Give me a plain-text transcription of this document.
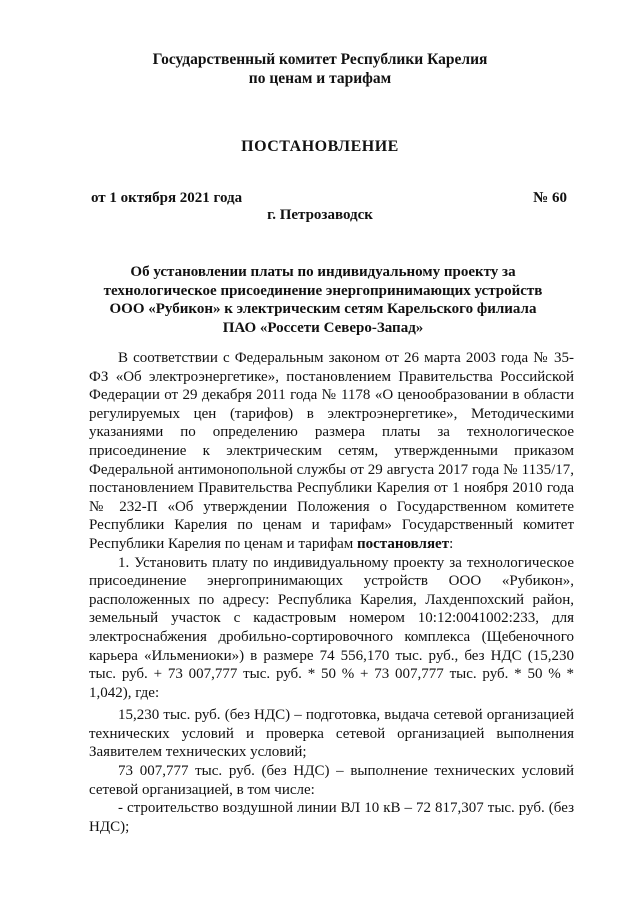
Государственный комитет Республики Карелия
по ценам и тарифам
ПОСТАНОВЛЕНИЕ
от 1 октября 2021 года	№ 60
г. Петрозаводск
Об установлении платы по индивидуальному проекту за
технологическое присоединение энергопринимающих устройств
ООО «Рубикон» к электрическим сетям Карельского филиала
ПАО «Россети Северо-Запад»

В соответствии с Федеральным законом от 26 марта 2003 года № 35-ФЗ «Об электроэнергетике», постановлением Правительства Российской Федерации от 29 декабря 2011 года № 1178 «О ценообразовании в области регулируемых цен (тарифов) в электроэнергетике», Методическими указаниями по определению размера платы за технологическое присоединение к электрическим сетям, утвержденными приказом Федеральной антимонопольной службы от 29 августа 2017 года № 1135/17, постановлением Правительства Республики Карелия от 1 ноября 2010 года № 232-П «Об утверждении Положения о Государственном комитете Республики Карелия по ценам и тарифам» Государственный комитет Республики Карелия по ценам и тарифам постановляет:

1. Установить плату по индивидуальному проекту за технологическое присоединение энергопринимающих устройств ООО «Рубикон», расположенных по адресу: Республика Карелия, Лахденпохский район, земельный участок с кадастровым номером 10:12:0041002:233, для электроснабжения дробильно-сортировочного комплекса (Щебеночного карьера «Ильмениоки») в размере 74 556,170 тыс. руб., без НДС (15,230 тыс. руб. + 73 007,777 тыс. руб. * 50 % + 73 007,777 тыс. руб. * 50 % * 1,042), где:

15,230 тыс. руб. (без НДС) – подготовка, выдача сетевой организацией технических условий и проверка сетевой организацией выполнения Заявителем технических условий;

73 007,777 тыс. руб. (без НДС) – выполнение технических условий сетевой организацией, в том числе:

- строительство воздушной линии ВЛ 10 кВ – 72 817,307 тыс. руб. (без НДС);
